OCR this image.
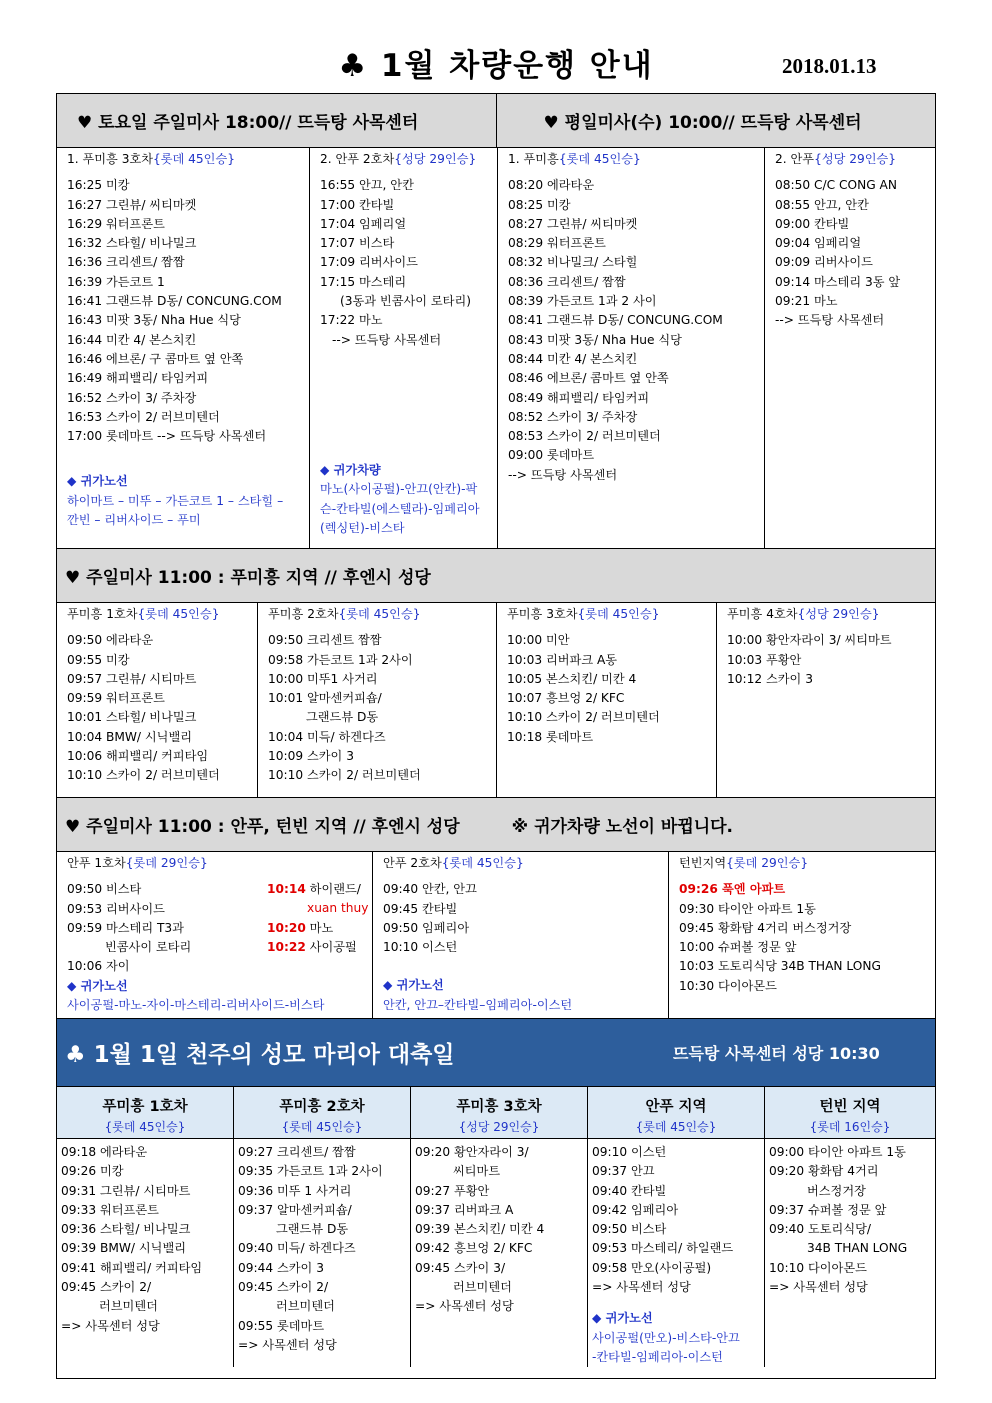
♣ 1월 차량운행 안내	2018.01.13
♥ 토요일 주일미사 18:00// 뜨득탕 사목센터	♥ 평일미사(수) 10:00// 뜨득탕 사목센터
1. 푸미흥 3호차{롯데 45인승}
16:25 미캉
16:27 그린뷰/ 씨티마켓
16:29 워터프론트
16:32 스타힐/ 비나밀크
16:36 크리센트/ 짬짬
16:39 가든코트 1
16:41 그랜드뷰 D동/ CONCUNG.COM
16:43 미팟 3동/ Nha Hue 식당
16:44 미칸 4/ 본스치킨
16:46 에브론/ 구 콤마트 옆 안쪽
16:49 해피밸리/ 타임커피
16:52 스카이 3/ 주차장
16:53 스카이 2/ 러브미텐더
17:00 롯데마트 --> 뜨득탕 사목센터
◆ 귀가노선
하이마트 – 미뚜 – 가든코트 1 – 스타힐 –
깐빈 – 리버사이드 – 푸미
2. 안푸 2호차{성당 29인승}
16:55 안끄, 안칸
17:00 칸타빌
17:04 임페리얼
17:07 비스타
17:09 리버사이드
17:15 마스테리
(3동과 빈콤사이 로타리)
17:22 마노
--> 뜨득탕 사목센터
◆ 귀가차량
마노(사이공펄)-안끄(안칸)-팍
슨-칸타빌(에스텔라)-임페리아
(렉싱턴)-비스타
1. 푸미흥{롯데 45인승}
08:20 에라타운
08:25 미캉
08:27 그린뷰/ 씨티마켓
08:29 워터프론트
08:32 비나밀크/ 스타힐
08:36 크리센트/ 짬짬
08:39 가든코트 1과 2 사이
08:41 그랜드뷰 D동/ CONCUNG.COM
08:43 미팟 3동/ Nha Hue 식당
08:44 미칸 4/ 본스치킨
08:46 에브론/ 콤마트 옆 안쪽
08:49 해피밸리/ 타임커피
08:52 스카이 3/ 주차장
08:53 스카이 2/ 러브미텐더
09:00 롯데마트
--> 뜨득탕 사목센터
2. 안푸{성당 29인승}
08:50 C/C CONG AN
08:55 안끄, 안칸
09:00 칸타빌
09:04 임페리얼
09:09 리버사이드
09:14 마스테리 3동 앞
09:21 마노
--> 뜨득탕 사목센터
♥ 주일미사 11:00 : 푸미흥 지역 // 후엔시 성당
푸미흥 1호차{롯데 45인승}
09:50 에라타운
09:55 미캉
09:57 그린뷰/ 시티마트
09:59 워터프론트
10:01 스타힐/ 비나밀크
10:04 BMW/ 시닉밸리
10:06 해피밸리/ 커피타임
10:10 스카이 2/ 러브미텐더
푸미흥 2호차{롯데 45인승}
09:50 크리센트 짬짬
09:58 가든코트 1과 2사이
10:00 미뚜1 사거리
10:01 알마센커피숍/
그랜드뷰 D동
10:04 미득/ 하겐다즈
10:09 스카이 3
10:10 스카이 2/ 러브미텐더
푸미흥 3호차{롯데 45인승}
10:00 미안
10:03 리버파크 A동
10:05 본스치킨/ 미칸 4
10:07 흥브엉 2/ KFC
10:10 스카이 2/ 러브미텐더
10:18 롯데마트
푸미흥 4호차{성당 29인승}
10:00 황안자라이 3/ 씨티마트
10:03 푸황안
10:12 스카이 3
♥ 주일미사 11:00 : 안푸, 턴빈 지역 // 후엔시 성당	※ 귀가차량 노선이 바뀝니다.
안푸 1호차{롯데 29인승}
09:50 비스타
09:53 리버사이드
09:59 마스테리 T3과
빈콤사이 로타리
10:06 자이
10:14 하이랜드/
xuan thuy
10:20 마노
10:22 사이공펄
◆ 귀가노선
사이공펄-마노-자이-마스테리-리버사이드-비스타
안푸 2호차{롯데 45인승}
09:40 안칸, 안끄
09:45 칸타빌
09:50 임페리아
10:10 이스턴
◆ 귀가노선
안칸, 안끄–칸타빌–임페리아-이스턴
턴빈지역{롯데 29인승}
09:26 푹엔 아파트
09:30 타이안 아파트 1동
09:45 황화탐 4거리 버스정거장
10:00 슈퍼볼 정문 앞
10:03 도토리식당 34B THAN LONG
10:30 다이아몬드
♣ 1월 1일 천주의 성모 마리아 대축일	뜨득탕 사목센터 성당 10:30
푸미흥 1호차
{롯데 45인승}
09:18 에라타운
09:26 미캉
09:31 그린뷰/ 시티마트
09:33 워터프론트
09:36 스타힐/ 비나밀크
09:39 BMW/ 시닉밸리
09:41 해피밸리/ 커피타임
09:45 스카이 2/
러브미텐더
=> 사목센터 성당

푸미흥 2호차
{롯데 45인승}
09:27 크리센트/ 짬짬
09:35 가든코트 1과 2사이
09:36 미뚜 1 사거리
09:37 알마센커피숍/
그랜드뷰 D동
09:40 미득/ 하겐다즈
09:44 스카이 3
09:45 스카이 2/
러브미텐더
09:55 롯데마트
=> 사목센터 성당

푸미흥 3호차
{성당 29인승}
09:20 황안자라이 3/
씨티마트
09:27 푸황안
09:37 리버파크 A
09:39 본스치킨/ 미칸 4
09:42 흥브엉 2/ KFC
09:45 스카이 3/
러브미텐더
=> 사목센터 성당

안푸 지역
{롯데 45인승}
09:10 이스턴
09:37 안끄
09:40 칸타빌
09:42 임페리아
09:50 비스타
09:53 마스테리/ 하일랜드
09:58 만오(사이공펄)
=> 사목센터 성당
◆ 귀가노선
사이공펄(만오)-비스타-안끄
-칸타빌-임페리아-이스턴

턴빈 지역
{롯데 16인승}
09:00 타이안 아파트 1동
09:20 황화탐 4거리
버스정거장
09:37 슈퍼볼 정문 앞
09:40 도토리식당/
34B THAN LONG
10:10 다이아몬드
=> 사목센터 성당
